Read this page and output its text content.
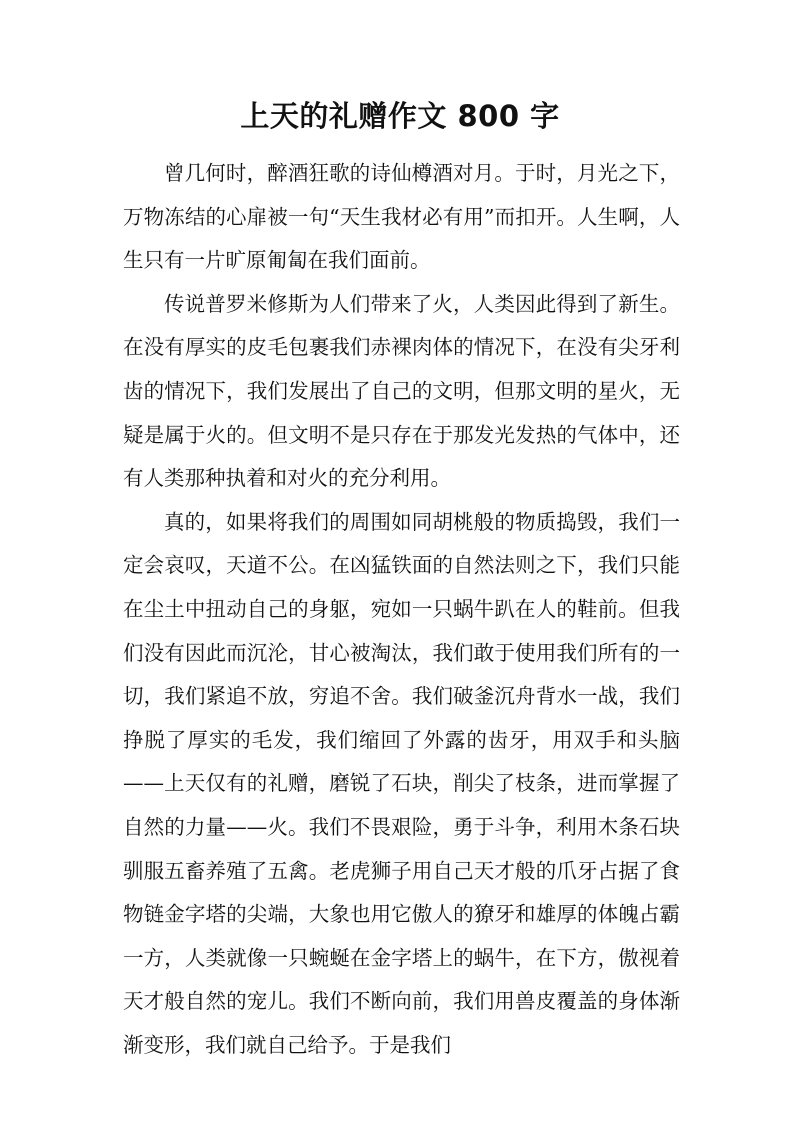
上天的礼赠作文 800 字

曾几何时，醉酒狂歌的诗仙樽酒对月。于时，月光之下，万物冻结的心扉被一句“天生我材必有用”而扣开。人生啊，人生只有一片旷原匍匐在我们面前。

传说普罗米修斯为人们带来了火，人类因此得到了新生。在没有厚实的皮毛包裹我们赤裸肉体的情况下，在没有尖牙利齿的情况下，我们发展出了自己的文明，但那文明的星火，无疑是属于火的。但文明不是只存在于那发光发热的气体中，还有人类那种执着和对火的充分利用。

真的，如果将我们的周围如同胡桃般的物质捣毁，我们一定会哀叹，天道不公。在凶猛铁面的自然法则之下，我们只能在尘土中扭动自己的身躯，宛如一只蜗牛趴在人的鞋前。但我们没有因此而沉沦，甘心被淘汰，我们敢于使用我们所有的一切，我们紧追不放，穷追不舍。我们破釜沉舟背水一战，我们挣脱了厚实的毛发，我们缩回了外露的齿牙，用双手和头脑——上天仅有的礼赠，磨锐了石块，削尖了枝条，进而掌握了自然的力量——火。我们不畏艰险，勇于斗争，利用木条石块驯服五畜养殖了五禽。老虎狮子用自己天才般的爪牙占据了食物链金字塔的尖端，大象也用它傲人的獠牙和雄厚的体魄占霸一方，人类就像一只蜿蜒在金字塔上的蜗牛，在下方，傲视着天才般自然的宠儿。我们不断向前，我们用兽皮覆盖的身体渐渐变形，我们就自己给予。于是我们
